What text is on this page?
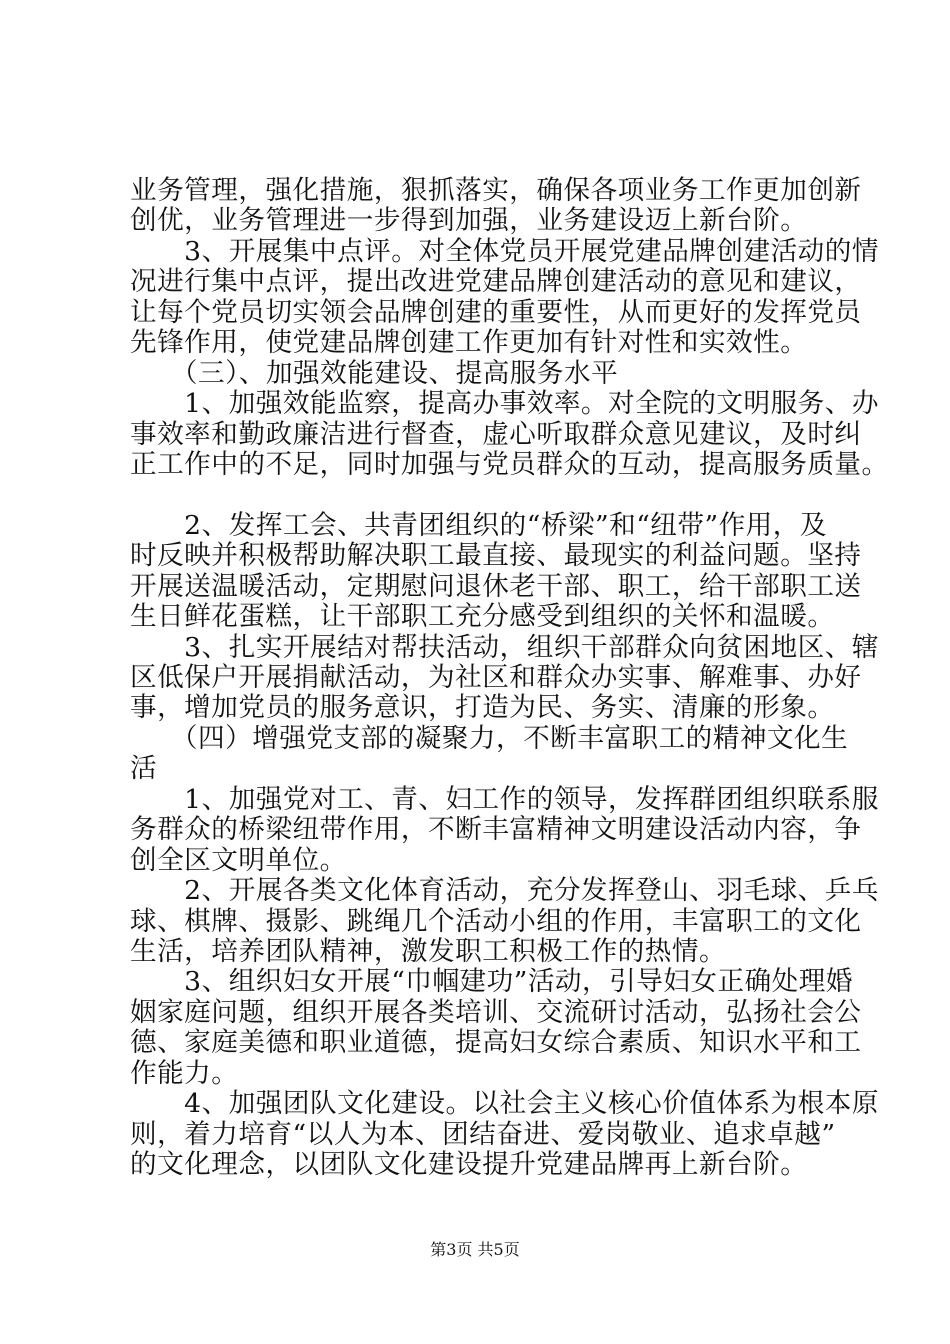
业务管理，强化措施，狠抓落实，确保各项业务工作更加创新

创优，业务管理进一步得到加强，业务建设迈上新台阶。

　　3、开展集中点评。对全体党员开展党建品牌创建活动的情

况进行集中点评，提出改进党建品牌创建活动的意见和建议，

让每个党员切实领会品牌创建的重要性，从而更好的发挥党员

先锋作用，使党建品牌创建工作更加有针对性和实效性。

　　（三）、加强效能建设、提高服务水平

　　1、加强效能监察，提高办事效率。对全院的文明服务、办

事效率和勤政廉洁进行督查，虚心听取群众意见建议，及时纠

正工作中的不足，同时加强与党员群众的互动，提高服务质量。

　　2、发挥工会、共青团组织的“桥梁”和“纽带”作用，及

时反映并积极帮助解决职工最直接、最现实的利益问题。坚持

开展送温暖活动，定期慰问退休老干部、职工，给干部职工送

生日鲜花蛋糕，让干部职工充分感受到组织的关怀和温暖。

　　3、扎实开展结对帮扶活动，组织干部群众向贫困地区、辖

区低保户开展捐献活动，为社区和群众办实事、解难事、办好

事，增加党员的服务意识，打造为民、务实、清廉的形象。

　　（四）增强党支部的凝聚力，不断丰富职工的精神文化生

活

　　1、加强党对工、青、妇工作的领导，发挥群团组织联系服

务群众的桥梁纽带作用，不断丰富精神文明建设活动内容，争

创全区文明单位。

　　2、开展各类文化体育活动，充分发挥登山、羽毛球、乒乓

球、棋牌、摄影、跳绳几个活动小组的作用，丰富职工的文化

生活，培养团队精神，激发职工积极工作的热情。

　　3、组织妇女开展“巾帼建功”活动，引导妇女正确处理婚

姻家庭问题，组织开展各类培训、交流研讨活动，弘扬社会公

德、家庭美德和职业道德，提高妇女综合素质、知识水平和工

作能力。

　　4、加强团队文化建设。以社会主义核心价值体系为根本原

则，着力培育“以人为本、团结奋进、爱岗敬业、追求卓越”

的文化理念，以团队文化建设提升党建品牌再上新台阶。

第3页 共5页
